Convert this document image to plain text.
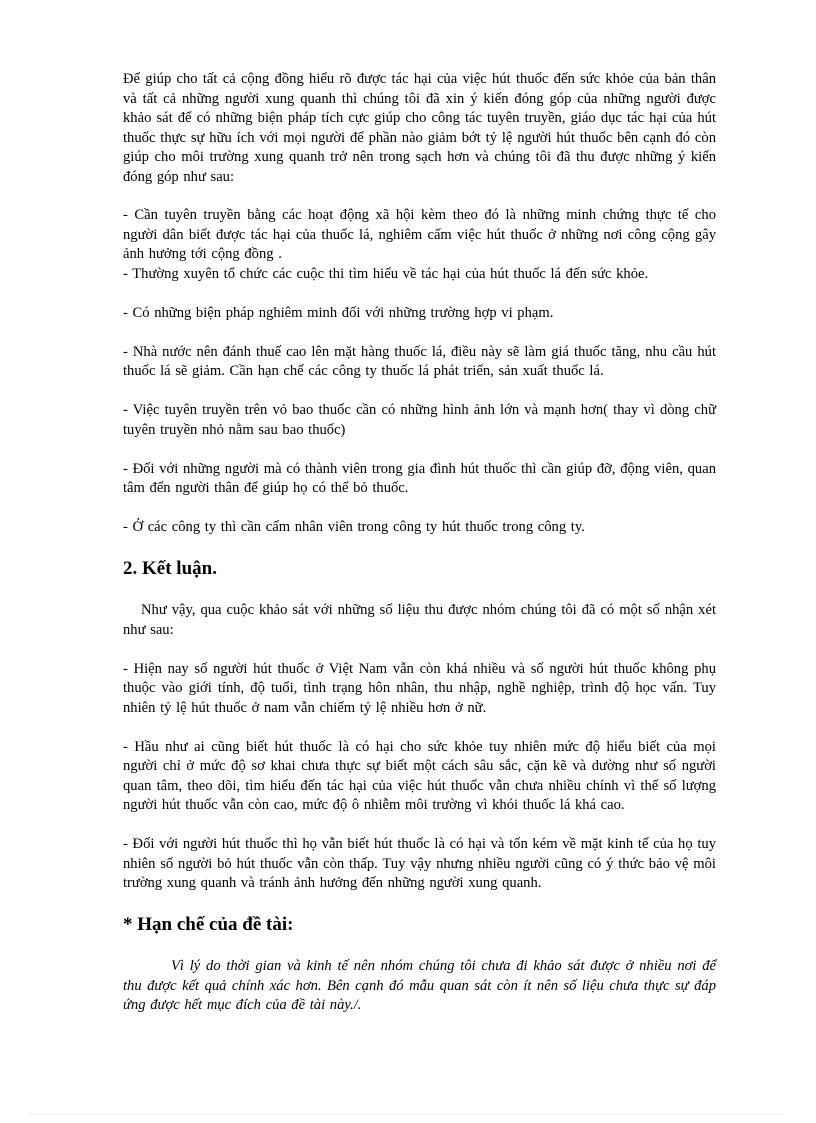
Để giúp cho tất cả cộng đồng hiểu rõ được tác hại của việc hút thuốc đến sức khỏe của bản thân và tất cả những người xung quanh thì chúng tôi đã xin ý kiến đóng góp của những người được khảo sát để có những biện pháp tích cực giúp cho công tác tuyên truyền, giáo dục tác hại của hút thuốc thực sự hữu ích với mọi người để phần nào giảm bớt tỷ lệ người hút thuốc bên cạnh đó còn giúp cho môi trường xung quanh trở nên trong sạch hơn và chúng tôi đã thu được những ý kiến đóng góp như sau:

- Cần tuyên truyền bằng các hoạt động xã hội kèm theo đó là những minh chứng thực tế cho người dân biết được tác hại của thuốc lá, nghiêm cấm việc hút thuốc ở những nơi công cộng gây ảnh hưởng tới cộng đồng .

- Thường xuyên tổ chức các cuộc thi tìm hiểu về tác hại của hút thuốc lá đến sức khỏe.

- Có những biện pháp nghiêm minh đối với những trường hợp vi phạm.

- Nhà nước nên đánh thuế cao lên mặt hàng thuốc lá, điều này sẽ làm giá thuốc tăng, nhu cầu hút thuốc lá sẽ giảm. Cần hạn chế các công ty thuốc lá phát triển, sản xuất thuốc lá.

- Việc tuyên truyền trên vỏ bao thuốc cần có những hình ảnh lớn và mạnh hơn( thay vì dòng chữ tuyên truyền nhỏ nằm sau bao thuốc)

- Đối với những người mà có thành viên trong gia đình hút thuốc thì cần giúp đỡ, động viên, quan tâm đến người thân để giúp họ có thể bỏ thuốc.

- Ở các công ty thì cần cấm nhân viên trong công ty hút thuốc trong công ty.

2. Kết luận.

Như vậy, qua cuộc khảo sát với những số liệu thu được nhóm chúng tôi đã có một số nhận xét như sau:

- Hiện nay số người hút thuốc ở Việt Nam vẫn còn khá nhiều và số người hút thuốc không phụ thuộc vào giới tính, độ tuổi, tình trạng hôn nhân, thu nhập, nghề nghiệp, trình độ học vấn. Tuy nhiên tỷ lệ hút thuốc ở nam vẫn chiếm tỷ lệ nhiều hơn ở nữ.

- Hầu như ai cũng biết hút thuốc là có hại cho sức khỏe tuy nhiên mức độ hiểu biết của mọi người chỉ ở mức độ sơ khai chưa thực sự biết một cách sâu sắc, cặn kẽ và dường như số người quan tâm, theo dõi, tìm hiểu đến tác hại của việc hút thuốc vẫn chưa nhiều chính vì thế số lượng người hút thuốc vẫn còn cao, mức độ ô nhiễm môi trường vì khói thuốc lá khá cao.

- Đối với người hút thuốc thì họ vẫn biết hút thuốc là có hại và tốn kém về mặt kinh tế của họ tuy nhiên số người bỏ hút thuốc vẫn còn thấp. Tuy vậy nhưng nhiều người cũng có ý thức bảo vệ môi trường xung quanh và tránh ảnh hưởng đến những người xung quanh.

* Hạn chế của đề tài:

Vì lý do thời gian và kinh tế nên nhóm chúng tôi chưa đi khảo sát được ở nhiều nơi để thu được kết quả chính xác hơn. Bên cạnh đó mẫu quan sát còn ít nên số liệu chưa thực sự đáp ứng được hết mục đích của đề tài này./.
